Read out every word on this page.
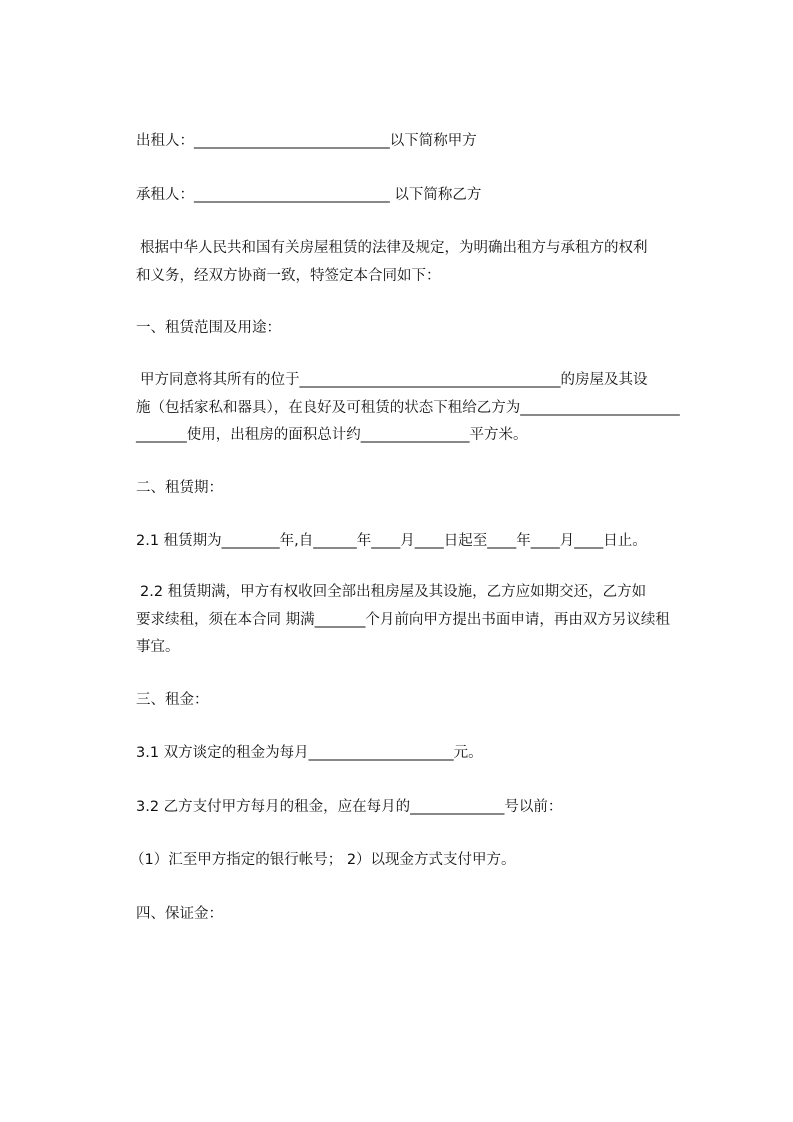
出租人：___________________________以下简称甲方
承租人：___________________________ 以下简称乙方
根据中华人民共和国有关房屋租赁的法律及规定，为明确出租方与承租方的权利
和义务，经双方协商一致，特签定本合同如下：
一、租赁范围及用途：
甲方同意将其所有的位于____________________________________的房屋及其设
施（包括家私和器具），在良好及可租赁的状态下租给乙方为______________________
_______使用，出租房的面积总计约_______________平方米。
二、租赁期：
2.1 租赁期为________年,自______年____月____日起至____年____月____日止。
2.2 租赁期满，甲方有权收回全部出租房屋及其设施，乙方应如期交还，乙方如
要求续租，须在本合同 期满_______个月前向甲方提出书面申请，再由双方另议续租
事宜。
三、租金：
3.1 双方谈定的租金为每月____________________元。
3.2 乙方支付甲方每月的租金，应在每月的_____________号以前：
（1）汇至甲方指定的银行帐号； 2）以现金方式支付甲方。
四、保证金：
